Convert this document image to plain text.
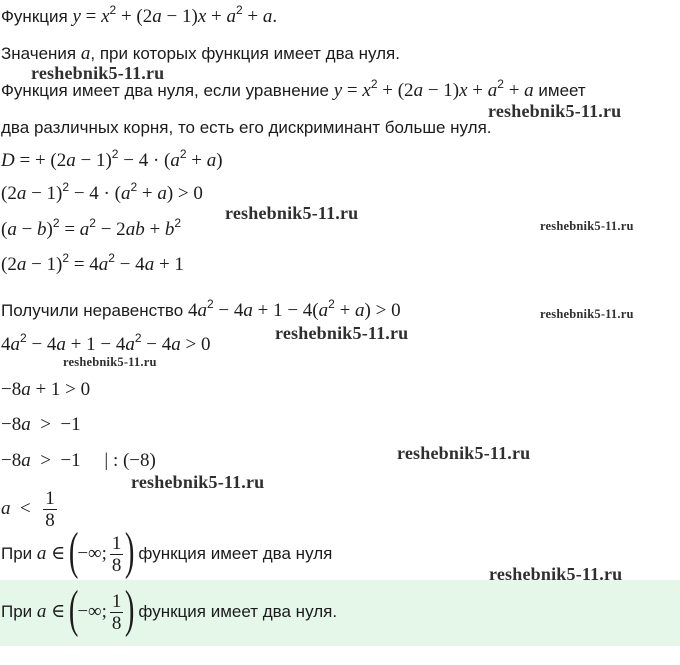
Функция $y = x^2 + (2a - 1)x + a^2 + a$.
Значения a, при которых функция имеет два нуля.
Функция имеет два нуля, если уравнение $y = x^2 + (2a - 1)x + a^2 + a$ имеет
два различных корня, то есть его дискриминант больше нуля.
D = + $(2a - 1)^2 - 4 \cdot (a^2 + a)$
$(2a - 1)^2 - 4 \cdot (a^2 + a) > 0$
$(a - b)^2 = a^2 - 2ab + b^2$
$(2a - 1)^2 = 4a^2 - 4a + 1$
Получили неравенство $4a^2 - 4a + 1 - 4(a^2 + a) > 0$
$4a^2 - 4a + 1 - 4a^2 - 4a > 0$
−8a + 1 > 0
−8a  >  −1
−8a  >  −1     | : (−8)
$a < \frac{1}{8}$
При a ∈ (−∞; $\frac{1}{8}$ ) функция имеет два нуля
При a ∈ (−∞; $\frac{1}{8}$ ) функция имеет два нуля.
reshebnik5-11.ru
reshebnik5-11.ru
reshebnik5-11.ru
reshebnik5-11.ru
reshebnik5-11.ru
reshebnik5-11.ru
reshebnik5-11.ru
reshebnik5-11.ru
reshebnik5-11.ru
reshebnik5-11.ru
